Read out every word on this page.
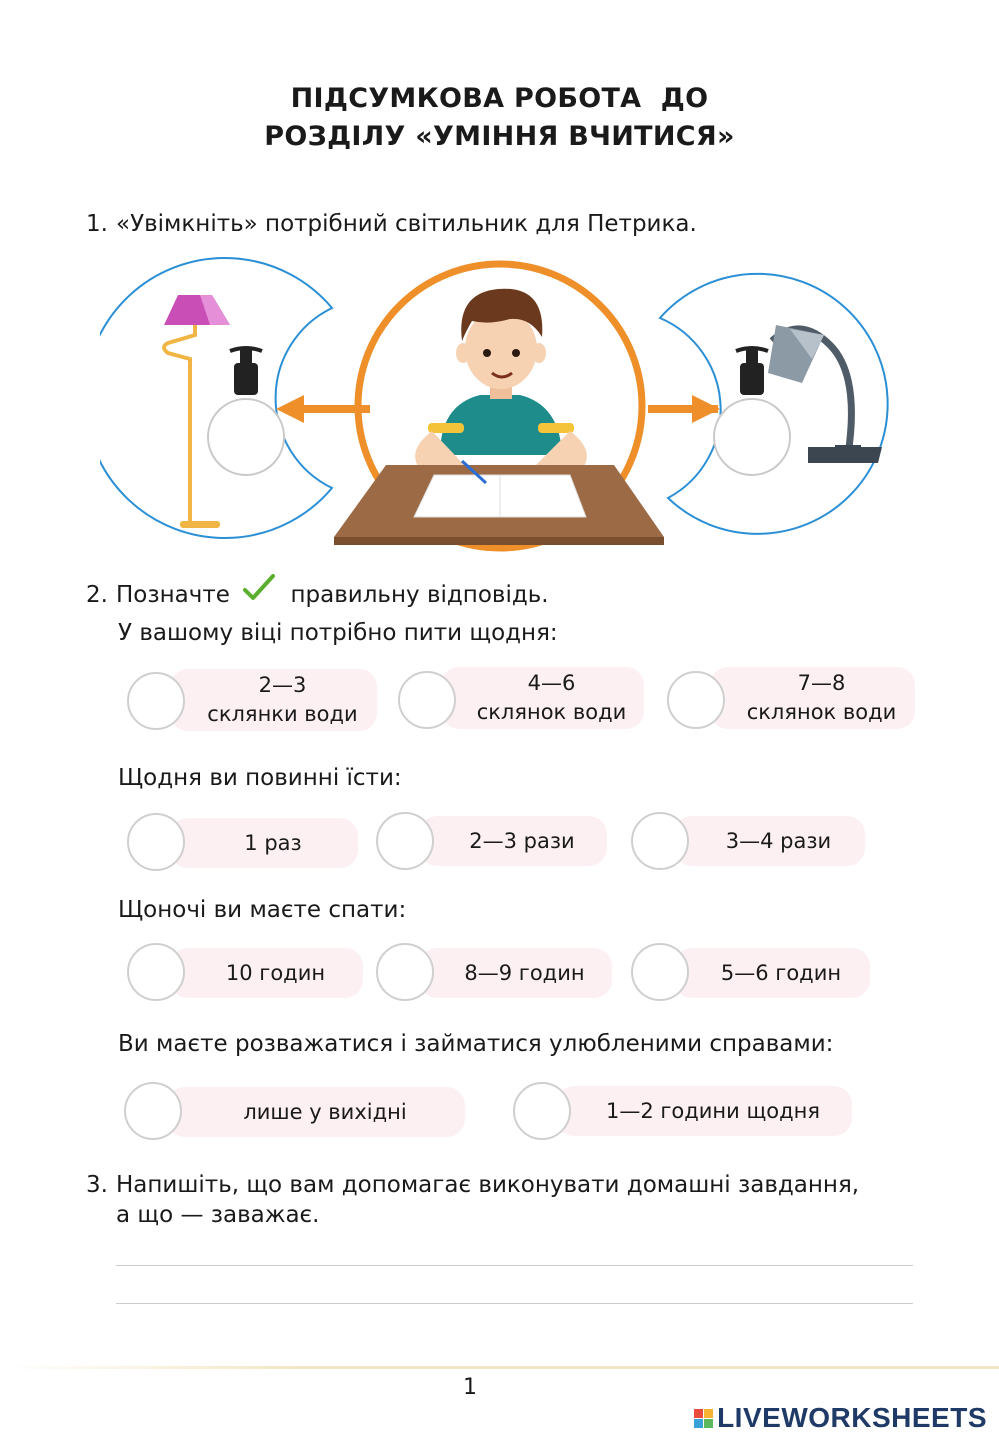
ПІДСУМКОВА РОБОТА  ДО
РОЗДІЛУ «УМІННЯ ВЧИТИСЯ»
1. «Увімкніть» потрібний світильник для Петрика.
2. Позначте	правильну відповідь.
У вашому віці потрібно пити щодня:
2—3
склянки води
4—6
склянок води
7—8
склянок води
Щодня ви повинні їсти:
1 раз	2—3 рази	3—4 рази
Щоночі ви маєте спати:
10 годин	8—9 годин	5—6 годин
Ви маєте розважатися і займатися улюбленими справами:
лише у вихідні	1—2 години щодня
3. Напишіть, що вам допомагає виконувати домашні завдання,
а що — заважає.
1
LIVEWORKSHEETS
